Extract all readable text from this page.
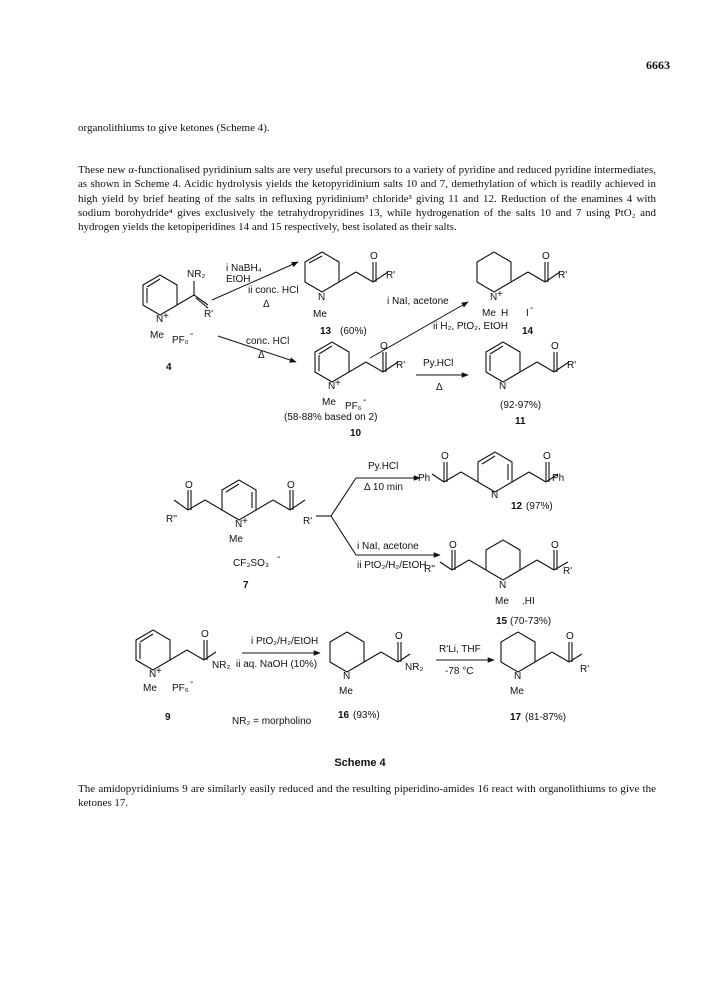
6663

organolithiums to give ketones (Scheme 4).

These new α-functionalised pyridinium salts are very useful precursors to a variety of pyridine and reduced pyridine intermediates, as shown in Scheme 4. Acidic hydrolysis yields the ketopyridinium salts 10 and 7, demethylation of which is readily achieved in high yield by brief heating of the salts in refluxing pyridinium³ chloride³ giving 11 and 12. Reduction of the enamines 4 with sodium borohydride⁴ gives exclusively the tetrahydropyridines 13, while hydrogenation of the salts 10 and 7 using PtO₂ and hydrogen yields the ketopiperidines 14 and 15 respectively, best isolated as their salts.

N +
Me
NR₂
R'
PF₆
-
4
i NaBH₄
EtOH
ii conc. HCl
Δ
conc. HCl
Δ
N
Me
O
R'
13 (60%)
N +
Me H I -
O
R'
14
i NaI, acetone
ii H₂, PtO₂, EtOH
N +
Me PF₆
-
O
R'
(58-88% based on 2)
10
Py.HCl
Δ	N
O
R'
(92-97%)
11
O	O
R''	R'
N +
Me
CF₃SO₃
-
7
Py.HCl
Δ 10 min
i NaI, acetone
ii PtO₂/H₂/EtOH
O	O
Ph	Ph
N
12 (97%)
O	O
R''	R'
N
Me .HI
(70-73%)
15
N +
Me
O
NR₂
PF₆
-
9
i PtO₂/H₂/EtOH
ii aq. NaOH (10%)
NR₂ = morpholino
N
Me
O
NR₂
16 (93%)
R'Li, THF
-78 °C	N
Me
O
R'
17 (81-87%)
Scheme 4

The amidopyridiniums 9 are similarly easily reduced and the resulting piperidino-amides 16 react with organolithiums to give the ketones 17.
